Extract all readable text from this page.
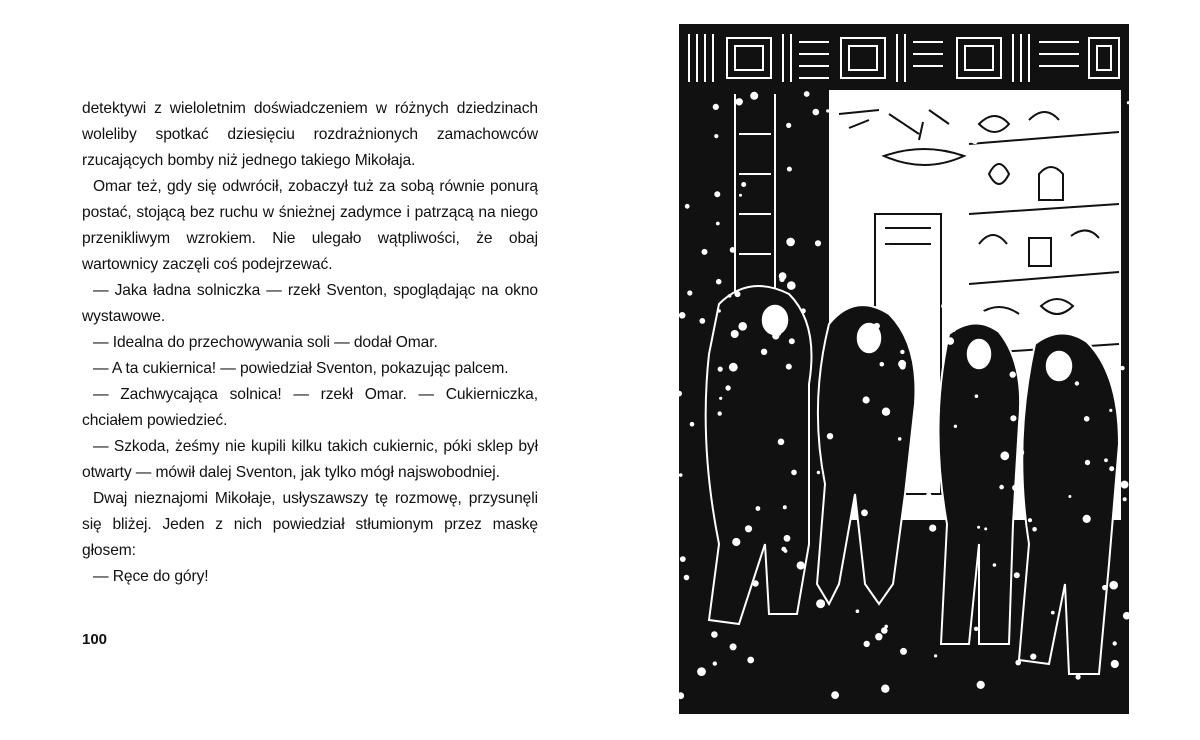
detektywi z wieloletnim doświadczeniem w różnych dziedzinach woleliby spotkać dziesięciu rozdrażnionych zamachowców rzucających bomby niż jednego takiego Mikołaja.

Omar też, gdy się odwrócił, zobaczył tuż za sobą równie ponurą postać, stojącą bez ruchu w śnieżnej zadymce i patrzącą na niego przenikliwym wzrokiem. Nie ulegało wątpliwości, że obaj wartownicy zaczęli coś podejrzewać.

— Jaka ładna solniczka — rzekł Sventon, spoglądając na okno wystawowe.

— Idealna do przechowywania soli — dodał Omar.

— A ta cukiernica! — powiedział Sventon, pokazując palcem.

— Zachwycająca solnica! — rzekł Omar. — Cukierniczka, chciałem powiedzieć.

— Szkoda, żeśmy nie kupili kilku takich cukiernic, póki sklep był otwarty — mówił dalej Sventon, jak tylko mógł najswobodniej.

Dwaj nieznajomi Mikołaje, usłyszawszy tę rozmowę, przysunęli się bliżej. Jeden z nich powiedział stłumionym przez maskę głosem:

— Ręce do góry!

100
